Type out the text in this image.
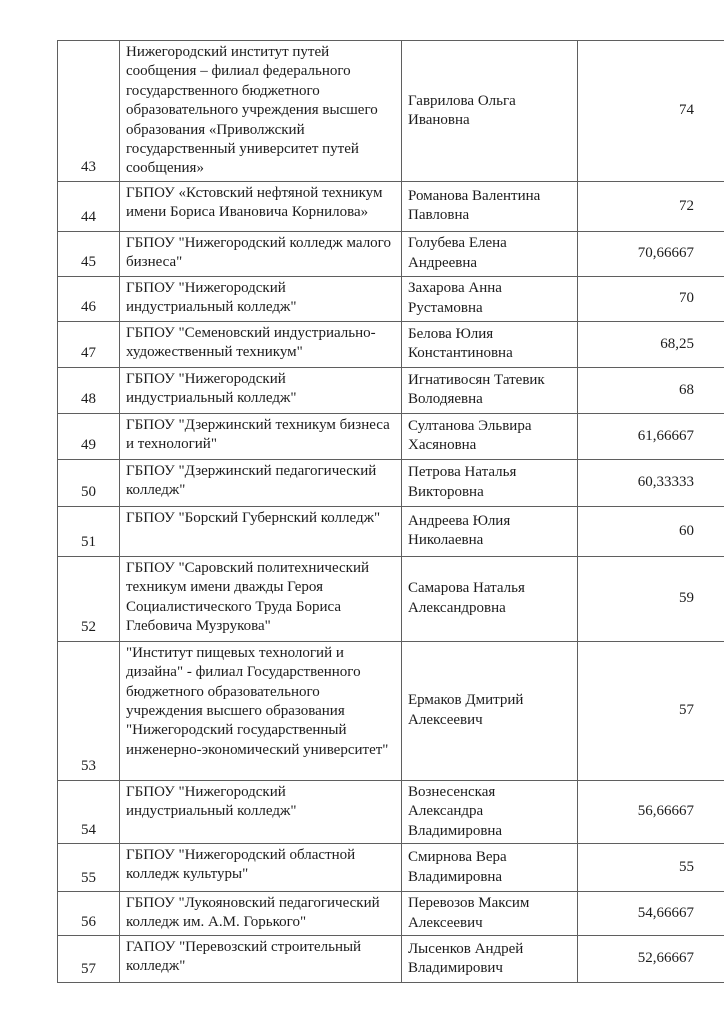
43	Нижегородский институт путей сообщения – филиал федерального государственного бюджетного образовательного учреждения высшего образования «Приволжский государственный университет путей сообщения»	Гаврилова Ольга Ивановна	74
44	ГБПОУ «Кстовский нефтяной техникум имени Бориса Ивановича Корнилова»	Романова Валентина Павловна	72
45	ГБПОУ "Нижегородский колледж малого бизнеса"	Голубева Елена Андреевна	70,66667
46	ГБПОУ "Нижегородский индустриальный колледж"	Захарова Анна Рустамовна	70
47	ГБПОУ "Семеновский индустриально-художественный техникум"	Белова Юлия Константиновна	68,25
48	ГБПОУ "Нижегородский индустриальный колледж"	Игнативосян Татевик Володяевна	68
49	ГБПОУ "Дзержинский техникум бизнеса и технологий"	Султанова Эльвира Хасяновна	61,66667
50	ГБПОУ "Дзержинский педагогический колледж"	Петрова Наталья Викторовна	60,33333
51	ГБПОУ "Борский Губернский колледж"	Андреева Юлия Николаевна	60
52	ГБПОУ "Саровский политехнический техникум имени дважды Героя Социалистического Труда Бориса Глебовича Музрукова"	Самарова Наталья Александровна	59
53	"Институт пищевых технологий и дизайна" - филиал Государственного бюджетного образовательного учреждения высшего образования "Нижегородский государственный инженерно-экономический университет"	Ермаков Дмитрий Алексеевич	57
54	ГБПОУ "Нижегородский индустриальный колледж"	Вознесенская Александра Владимировна	56,66667
55	ГБПОУ "Нижегородский областной колледж культуры"	Смирнова Вера Владимировна	55
56	ГБПОУ "Лукояновский педагогический колледж им. А.М. Горького"	Перевозов Максим Алексеевич	54,66667
57	ГАПОУ "Перевозский строительный колледж"	Лысенков Андрей Владимирович	52,66667
